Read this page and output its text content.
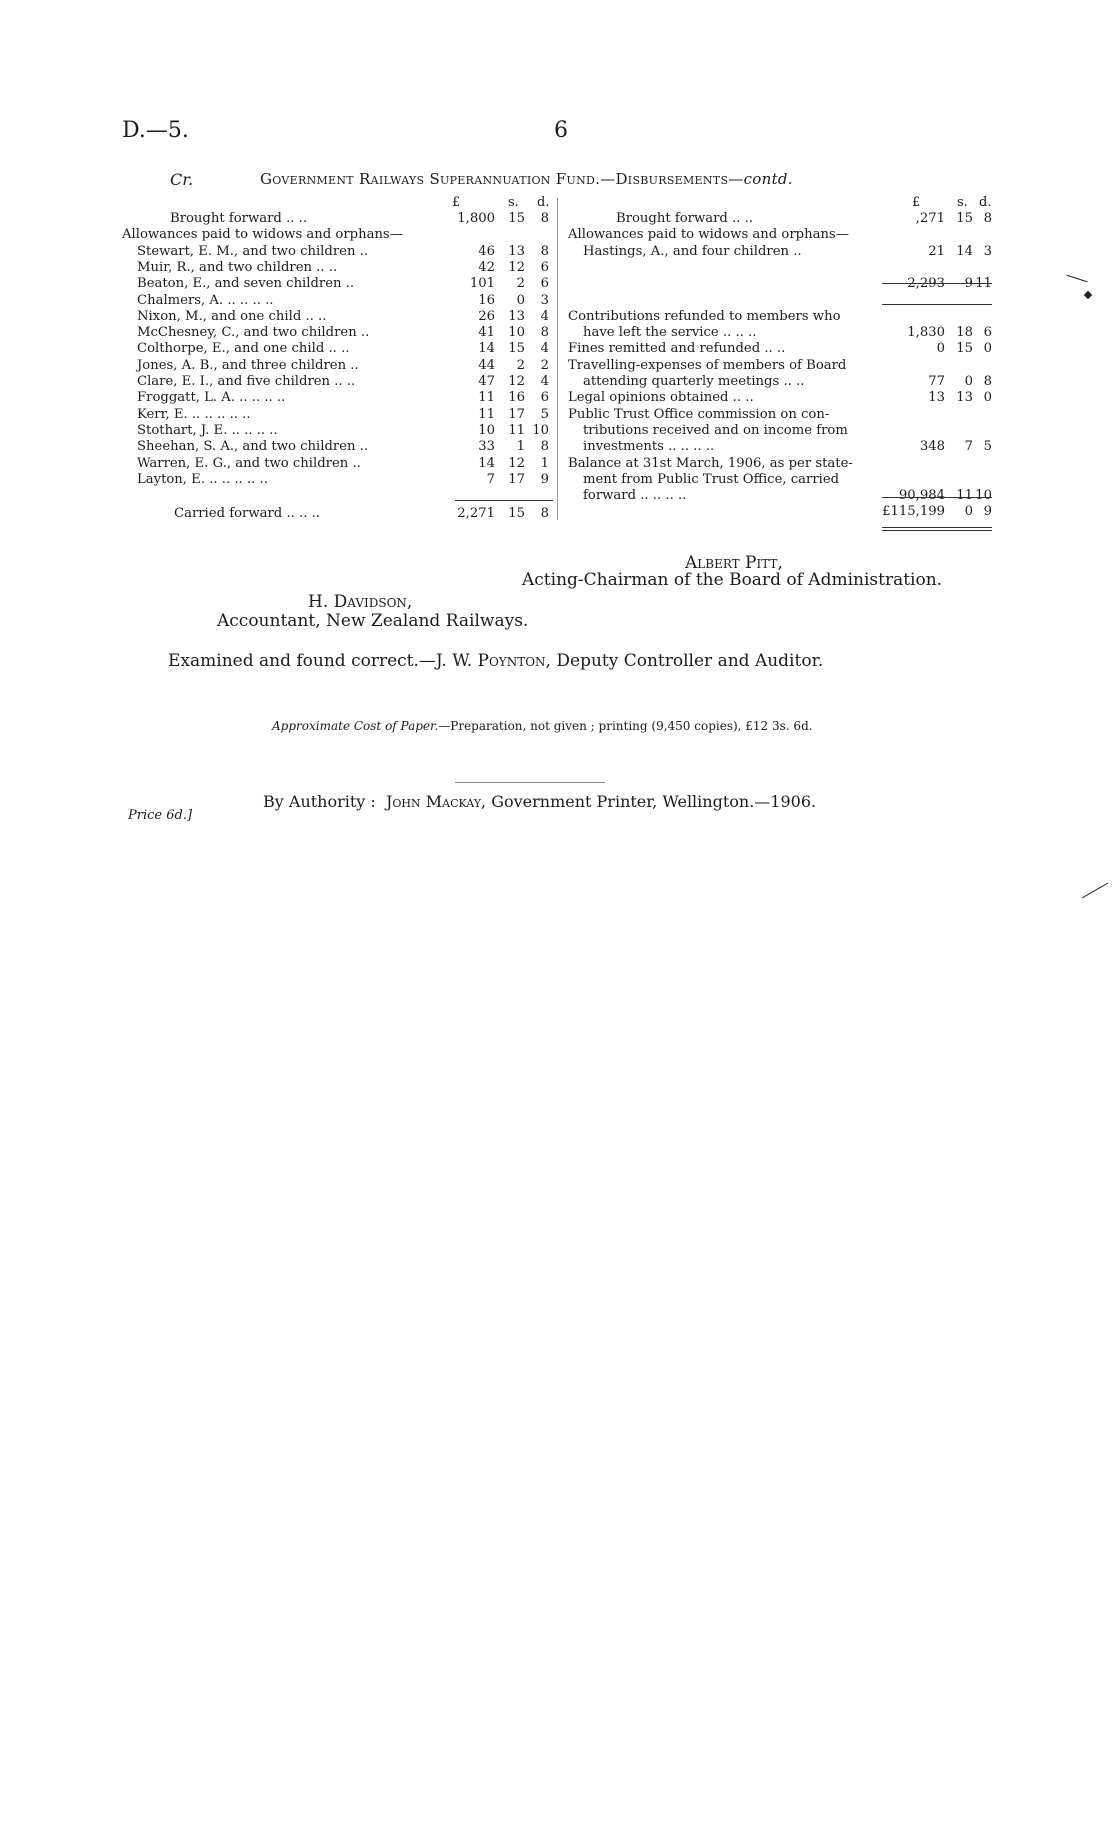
D.—5.	6
Cr.	Government Railways Superannuation Fund.—Disbursements—contd.
£	s. d.	£	s. d.
Brought forward .. ..	1,800 15 8
Allowances paid to widows and orphans—
Stewart, E. M., and two children ..	46 13 8
Muir, R., and two children .. ..	42 12 6
Beaton, E., and seven children ..	101 2 6
Chalmers, A. .. .. .. ..	16 0 3
Nixon, M., and one child .. ..	26 13 4
McChesney, C., and two children ..	41 10 8
Colthorpe, E., and one child .. ..	14 15 4
Jones, A. B., and three children ..	44 2 2
Clare, E. I., and five children .. ..	47 12 4
Froggatt, L. A. .. .. .. ..	11 16 6
Kerr, E. .. .. .. .. ..	11 17 5
Stothart, J. E. .. .. .. ..	10 11 10
Sheehan, S. A., and two children ..	33 1 8
Warren, E. G., and two children ..	14 12 1
Layton, E. .. .. .. .. ..	7 17 9
Carried forward .. .. ..	2,271 15 8
Brought forward .. ..	,271 15 8
Allowances paid to widows and orphans—
Hastings, A., and four children ..	21 14 3
2,293 9 11
Contributions refunded to members who
have left the service .. .. ..	1,830 18 6
Fines remitted and refunded .. ..	0 15 0
Travelling-expenses of members of Board
attending quarterly meetings .. ..	77 0 8
Legal opinions obtained .. ..	13 13 0
Public Trust Office commission on con-
tributions received and on income from
investments .. .. .. ..	348 7 5
Balance at 31st March, 1906, as per state-
ment from Public Trust Office, carried
forward .. .. .. ..	90,984 11 10
£115,199 0 9
Albert Pitt,
Acting-Chairman of the Board of Administration.
H. Davidson,
Accountant, New Zealand Railways.
Examined and found correct.—J. W. Poynton, Deputy Controller and Auditor.
Approximate Cost of Paper.—Preparation, not given ; printing (9,450 copies), £12 3s. 6d.
Price 6d.]
By Authority : John Mackay, Government Printer, Wellington.—1906.
